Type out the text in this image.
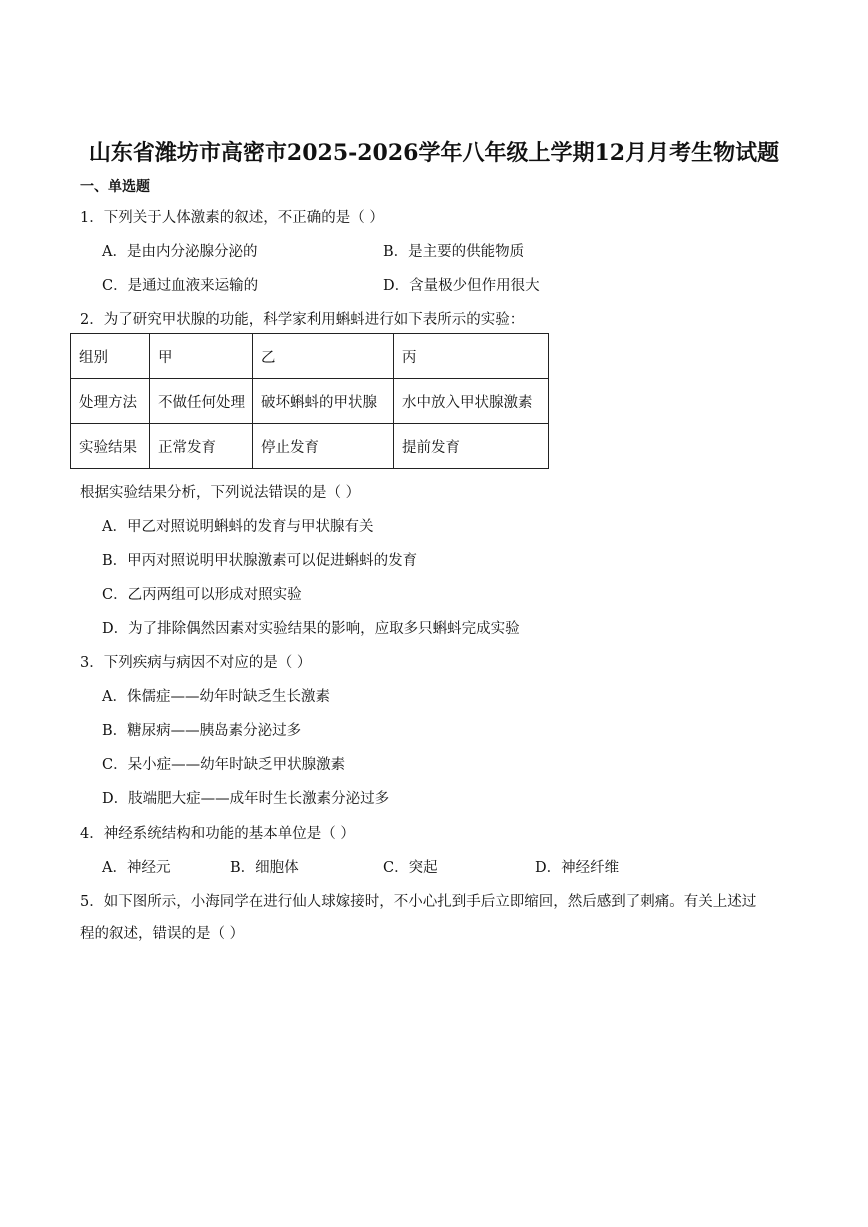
山东省潍坊市高密市2025-2026学年八年级上学期12月月考生物试题
一、单选题
1．下列关于人体激素的叙述，不正确的是（ ）
A．是由内分泌腺分泌的	B．是主要的供能物质
C．是通过血液来运输的	D．含量极少但作用很大
2．为了研究甲状腺的功能，科学家利用蝌蚪进行如下表所示的实验：
组别	甲	乙	丙
处理方法	不做任何处理	破坏蝌蚪的甲状腺	水中放入甲状腺激素
实验结果	正常发育	停止发育	提前发育
根据实验结果分析，下列说法错误的是（ ）
A．甲乙对照说明蝌蚪的发育与甲状腺有关
B．甲丙对照说明甲状腺激素可以促进蝌蚪的发育
C．乙丙两组可以形成对照实验
D．为了排除偶然因素对实验结果的影响，应取多只蝌蚪完成实验
3．下列疾病与病因不对应的是（ ）
A．侏儒症——幼年时缺乏生长激素
B．糖尿病——胰岛素分泌过多
C．呆小症——幼年时缺乏甲状腺激素
D．肢端肥大症——成年时生长激素分泌过多
4．神经系统结构和功能的基本单位是（ ）
A．神经元	B．细胞体	C．突起	D．神经纤维
5．如下图所示，小海同学在进行仙人球嫁接时，不小心扎到手后立即缩回，然后感到了刺痛。有关上述过
程的叙述，错误的是（ ）
